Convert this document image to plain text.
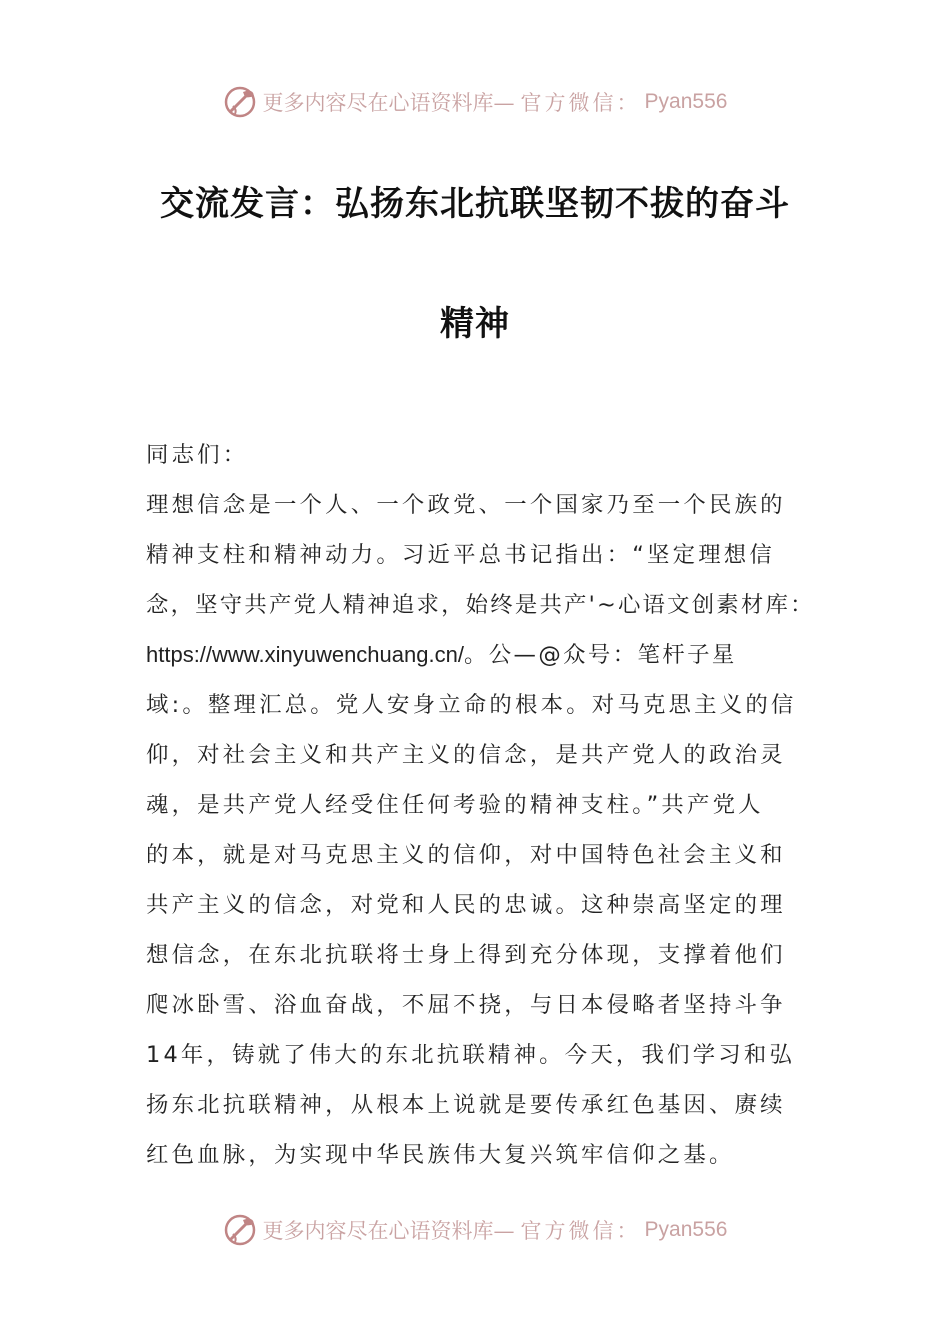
更多内容尽在心语资料库— 官方微信： Pyan556
交流发言：弘扬东北抗联坚韧不拔的奋斗
精神
同志们：
理想信念是一个人、一个政党、一个国家乃至一个民族的
精神支柱和精神动力。习近平总书记指出：“坚定理想信
念，坚守共产党人精神追求，始终是共产'~心语文创素材库：
https://www.xinyuwenchuang.cn/。公—@众号：笔杆子星
域:。整理汇总。党人安身立命的根本。对马克思主义的信
仰，对社会主义和共产主义的信念，是共产党人的政治灵
魂，是共产党人经受住任何考验的精神支柱。”共产党人
的本，就是对马克思主义的信仰，对中国特色社会主义和
共产主义的信念，对党和人民的忠诚。这种崇高坚定的理
想信念，在东北抗联将士身上得到充分体现，支撑着他们
爬冰卧雪、浴血奋战，不屈不挠，与日本侵略者坚持斗争
14年，铸就了伟大的东北抗联精神。今天，我们学习和弘
扬东北抗联精神，从根本上说就是要传承红色基因、赓续
红色血脉，为实现中华民族伟大复兴筑牢信仰之基。
更多内容尽在心语资料库— 官方微信： Pyan556
